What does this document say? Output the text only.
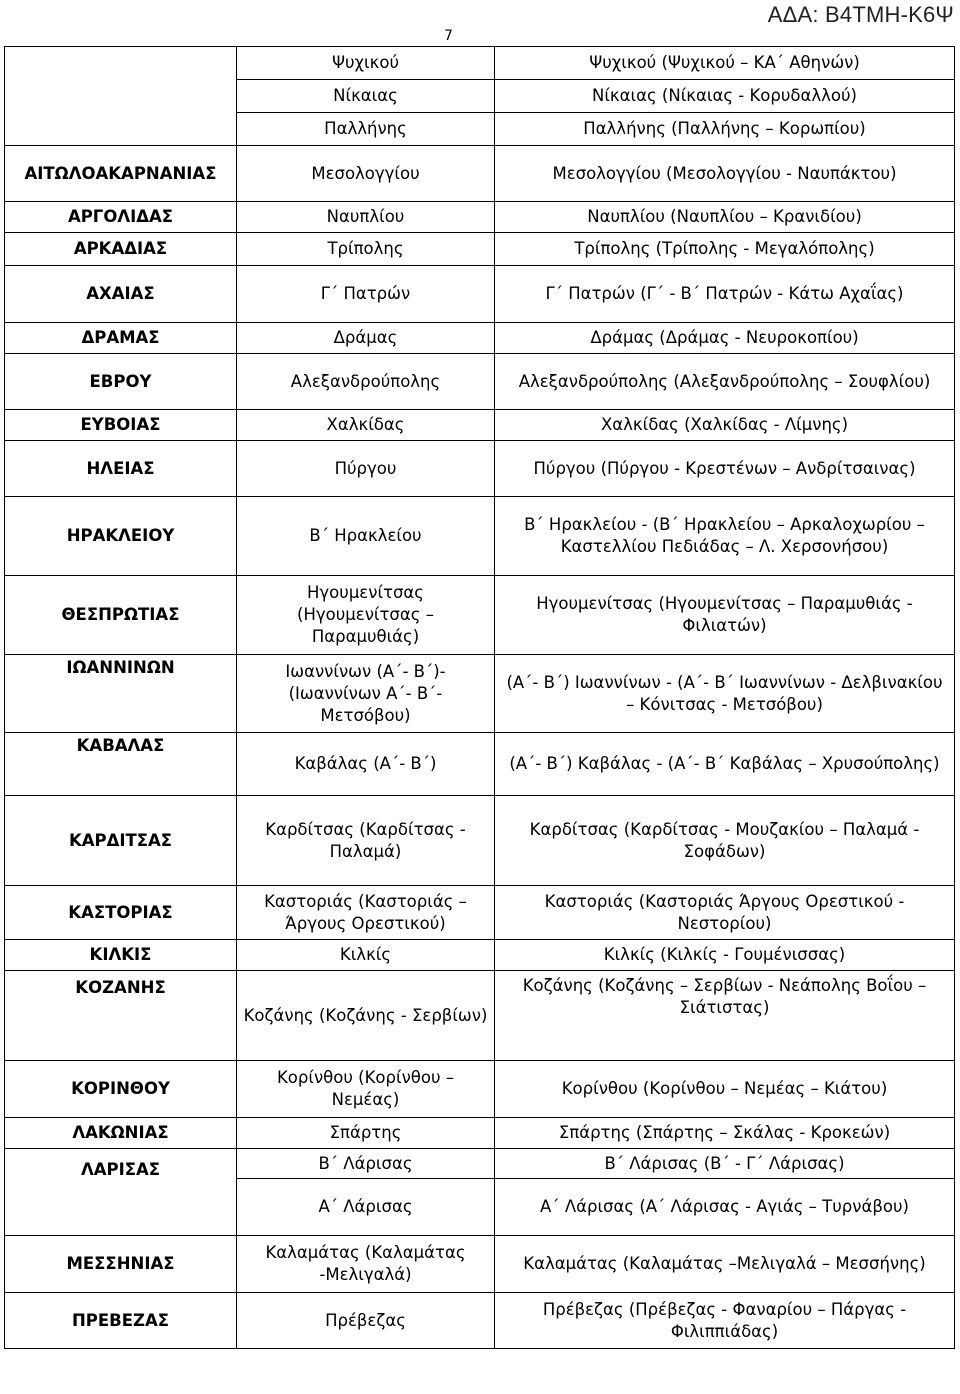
ΑΔΑ: Β4ΤΜΗ-Κ6Ψ
7
	Ψυχικού	Ψυχικού (Ψυχικού – ΚΑ΄ Αθηνών)
	Νίκαιας	Νίκαιας (Νίκαιας - Κορυδαλλού)
	Παλλήνης	Παλλήνης (Παλλήνης – Κορωπίου)
ΑΙΤΩΛΟΑΚΑΡΝΑΝΙΑΣ	Μεσολογγίου	Μεσολογγίου (Μεσολογγίου - Ναυπάκτου)
ΑΡΓΟΛΙΔΑΣ	Ναυπλίου	Ναυπλίου (Ναυπλίου – Κρανιδίου)
ΑΡΚΑΔΙΑΣ	Τρίπολης	Τρίπολης (Τρίπολης - Μεγαλόπολης)
ΑΧΑΙΑΣ	Γ΄ Πατρών	Γ΄ Πατρών (Γ΄ - Β΄ Πατρών - Κάτω Αχαΐας)
ΔΡΑΜΑΣ	Δράμας	Δράμας (Δράμας - Νευροκοπίου)
ΕΒΡΟΥ	Αλεξανδρούπολης	Αλεξανδρούπολης (Αλεξανδρούπολης – Σουφλίου)
ΕΥΒΟΙΑΣ	Χαλκίδας	Χαλκίδας (Χαλκίδας - Λίμνης)
ΗΛΕΙΑΣ	Πύργου	Πύργου (Πύργου - Κρεστένων – Ανδρίτσαινας)
ΗΡΑΚΛΕΙΟΥ	Β΄ Ηρακλείου	Β΄ Ηρακλείου - (Β΄ Ηρακλείου – Αρκαλοχωρίου – Καστελλίου Πεδιάδας – Λ. Χερσονήσου)
ΘΕΣΠΡΩΤΙΑΣ	Ηγουμενίτσας (Ηγουμενίτσας – Παραμυθιάς)	Ηγουμενίτσας (Ηγουμενίτσας – Παραμυθιάς - Φιλιατών)
ΙΩΑΝΝΙΝΩΝ	Ιωαννίνων (Α΄- Β΄)- (Ιωαννίνων Α΄- Β΄- Μετσόβου)	(Α΄- Β΄) Ιωαννίνων - (Α΄- Β΄ Ιωαννίνων - Δελβινακίου – Κόνιτσας - Μετσόβου)
ΚΑΒΑΛΑΣ	Καβάλας (Α΄- Β΄)	(Α΄- Β΄) Καβάλας - (Α΄- Β΄ Καβάλας – Χρυσούπολης)
ΚΑΡΔΙΤΣΑΣ	Καρδίτσας (Καρδίτσας - Παλαμά)	Καρδίτσας (Καρδίτσας - Μουζακίου – Παλαμά - Σοφάδων)
ΚΑΣΤΟΡΙΑΣ	Καστοριάς (Καστοριάς – Άργους Ορεστικού)	Καστοριάς (Καστοριάς Άργους Ορεστικού - Νεστορίου)
ΚΙΛΚΙΣ	Κιλκίς	Κιλκίς (Κιλκίς - Γουμένισσας)
ΚΟΖΑΝΗΣ	Κοζάνης (Κοζάνης - Σερβίων)	Κοζάνης (Κοζάνης – Σερβίων - Νεάπολης Βοΐου – Σιάτιστας)
ΚΟΡΙΝΘΟΥ	Κορίνθου (Κορίνθου – Νεμέας)	Κορίνθου (Κορίνθου – Νεμέας – Κιάτου)
ΛΑΚΩΝΙΑΣ	Σπάρτης	Σπάρτης (Σπάρτης – Σκάλας - Κροκεών)
ΛΑΡΙΣΑΣ	Β΄ Λάρισας	Β΄ Λάρισας (Β΄ - Γ΄ Λάρισας)
	Α΄ Λάρισας	Α΄ Λάρισας (Α΄ Λάρισας - Αγιάς – Τυρνάβου)
ΜΕΣΣΗΝΙΑΣ	Καλαμάτας (Καλαμάτας -Μελιγαλά)	Καλαμάτας (Καλαμάτας –Μελιγαλά – Μεσσήνης)
ΠΡΕΒΕΖΑΣ	Πρέβεζας	Πρέβεζας (Πρέβεζας - Φαναρίου – Πάργας - Φιλιππιάδας)
